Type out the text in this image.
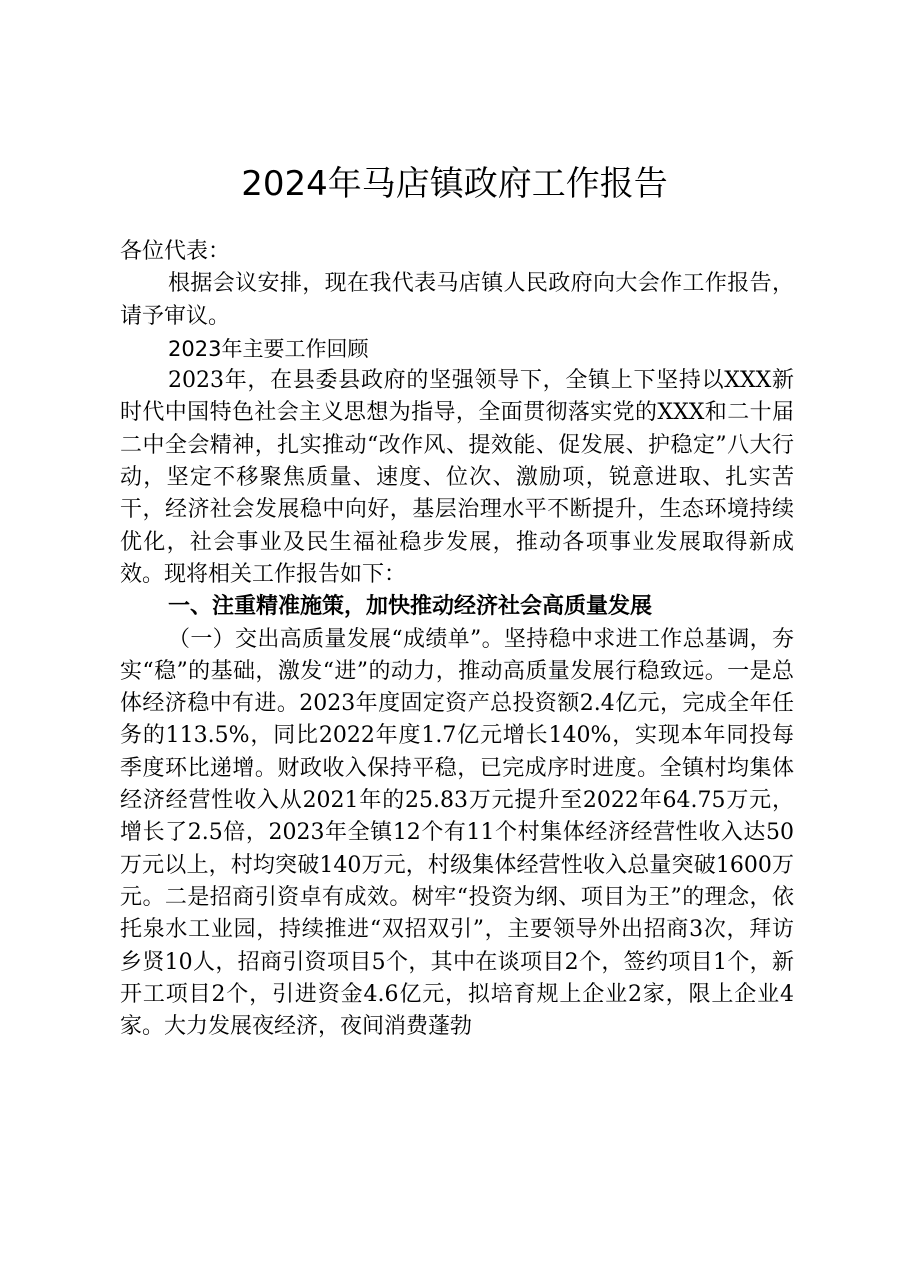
2024年马店镇政府工作报告

各位代表：

根据会议安排，现在我代表马店镇人民政府向大会作工作报告，请予审议。

2023年主要工作回顾

2023年，在县委县政府的坚强领导下，全镇上下坚持以XXX新时代中国特色社会主义思想为指导，全面贯彻落实党的XXX和二十届二中全会精神，扎实推动“改作风、提效能、促发展、护稳定”八大行动，坚定不移聚焦质量、速度、位次、激励项，锐意进取、扎实苦干，经济社会发展稳中向好，基层治理水平不断提升，生态环境持续优化，社会事业及民生福祉稳步发展，推动各项事业发展取得新成效。现将相关工作报告如下：

一、注重精准施策，加快推动经济社会高质量发展

（一）交出高质量发展“成绩单”。坚持稳中求进工作总基调，夯实“稳”的基础，激发“进”的动力，推动高质量发展行稳致远。一是总体经济稳中有进。2023年度固定资产总投资额2.4亿元，完成全年任务的113.5%，同比2022年度1.7亿元增长140%，实现本年同投每季度环比递增。财政收入保持平稳，已完成序时进度。全镇村均集体经济经营性收入从2021年的25.83万元提升至2022年64.75万元，增长了2.5倍，2023年全镇12个有11个村集体经济经营性收入达50万元以上，村均突破140万元，村级集体经营性收入总量突破1600万元。二是招商引资卓有成效。树牢“投资为纲、项目为王”的理念，依托泉水工业园，持续推进“双招双引”，主要领导外出招商3次，拜访乡贤10人，招商引资项目5个，其中在谈项目2个，签约项目1个，新开工项目2个，引进资金4.6亿元，拟培育规上企业2家，限上企业4家。大力发展夜经济，夜间消费蓬勃
